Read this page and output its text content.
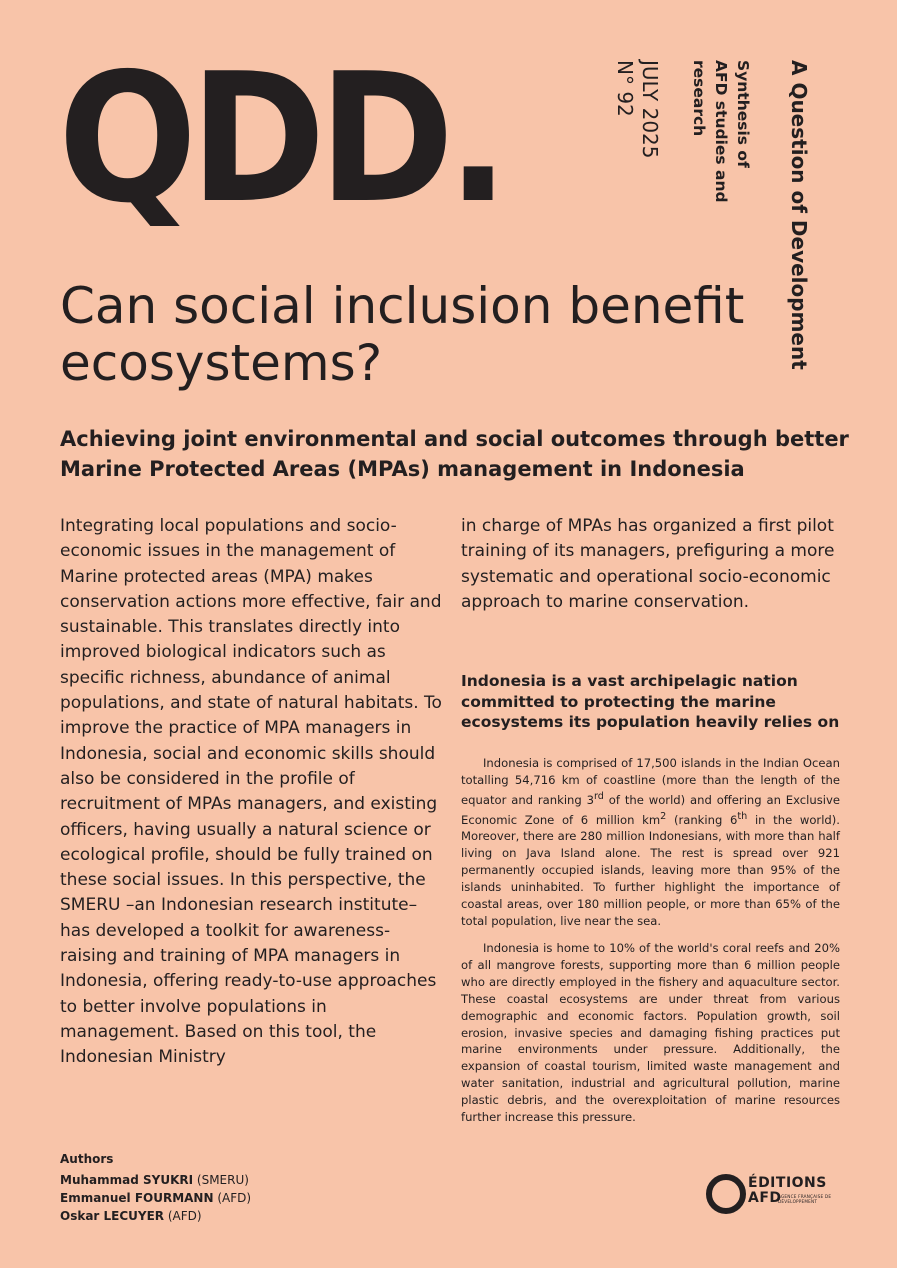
QDD.	A Question of Development
Synthesis of
AFD studies and
research
JULY 2025
N° 92
Can social inclusion benefit ecosystems?
Achieving joint environmental and social outcomes through better Marine Protected Areas (MPAs) management in Indonesia

Integrating local populations and socio-economic issues in the management of Marine protected areas (MPA) makes conservation actions more effective, fair and sustainable. This translates directly into improved biological indicators such as specific richness, abundance of animal populations, and state of natural habitats. To improve the practice of MPA managers in Indonesia, social and economic skills should also be considered in the profile of recruitment of MPAs managers, and existing officers, having usually a natural science or ecological profile, should be fully trained on these social issues. In this perspective, the SMERU –an Indonesian research institute– has developed a toolkit for awareness-raising and training of MPA managers in Indonesia, offering ready-to-use approaches to better involve populations in management. Based on this tool, the Indonesian Ministry

in charge of MPAs has organized a first pilot training of its managers, prefiguring a more systematic and operational socio-economic approach to marine conservation.

Indonesia is a vast archipelagic nation committed to protecting the marine ecosystems its population heavily relies on

Indonesia is comprised of 17,500 islands in the Indian Ocean totalling 54,716 km of coastline (more than the length of the equator and ranking 3rd of the world) and offering an Exclusive Economic Zone of 6 million $km^2$ (ranking 6th in the world). Moreover, there are 280 million Indonesians, with more than half living on Java Island alone. The rest is spread over 921 permanently occupied islands, leaving more than 95% of the islands uninhabited. To further highlight the importance of coastal areas, over 180 million people, or more than 65% of the total population, live near the sea.

Indonesia is home to 10% of the world's coral reefs and 20% of all mangrove forests, supporting more than 6 million people who are directly employed in the fishery and aquaculture sector. These coastal ecosystems are under threat from various demographic and economic factors. Population growth, soil erosion, invasive species and damaging fishing practices put marine environments under pressure. Additionally, the expansion of coastal tourism, limited waste management and water sanitation, industrial and agricultural pollution, marine plastic debris, and the overexploitation of marine resources further increase this pressure.

Authors
Muhammad SYUKRI (SMERU)
Emmanuel FOURMANN (AFD)
Oskar LECUYER (AFD)
ÉDITIONS
AFD
AGENCE FRANÇAISE DE DÉVELOPPEMENT
